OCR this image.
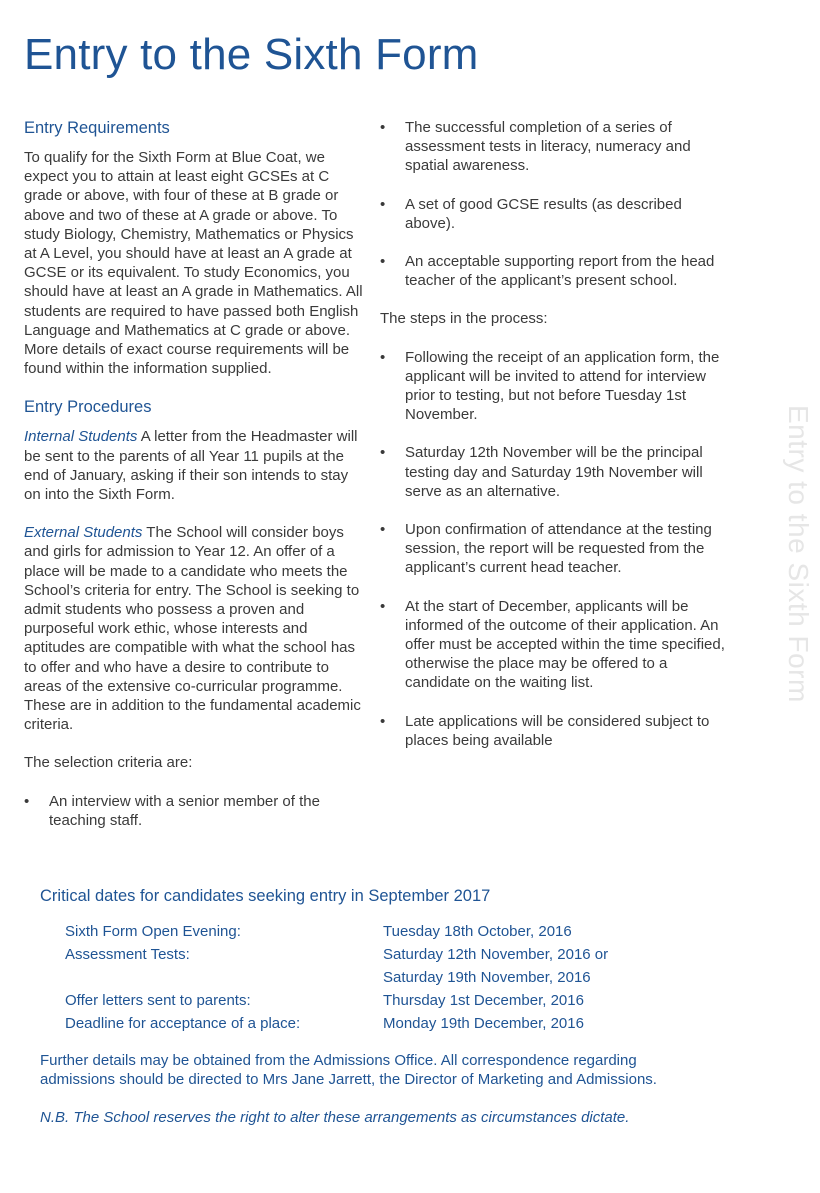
Entry to the Sixth Form
Entry to the Sixth Form
Entry Requirements

To qualify for the Sixth Form at Blue Coat, we expect you to attain at least eight GCSEs at C grade or above, with four of these at B grade or above and two of these at A grade or above. To study Biology, Chemistry, Mathematics or Physics at A Level, you should have at least an A grade at GCSE or its equivalent. To study Economics, you should have at least an A grade in Mathematics. All students are required to have passed both English Language and Mathematics at C grade or above. More details of exact course requirements will be found within the information supplied.

Entry Procedures

Internal Students A letter from the Headmaster will be sent to the parents of all Year 11 pupils at the end of January, asking if their son intends to stay on into the Sixth Form.

External Students The School will consider boys and girls for admission to Year 12. An offer of a place will be made to a candidate who meets the School’s criteria for entry. The School is seeking to admit students who possess a proven and purposeful work ethic, whose interests and aptitudes are compatible with what the school has to offer and who have a desire to contribute to areas of the extensive co-curricular programme. These are in addition to the fundamental academic criteria.

The selection criteria are:

• An interview with a senior member of the teaching staff.
• The successful completion of a series of assessment tests in literacy, numeracy and spatial awareness.
• A set of good GCSE results (as described above).
• An acceptable supporting report from the head teacher of the applicant’s present school.

The steps in the process:

• Following the receipt of an application form, the applicant will be invited to attend for interview prior to testing, but not before Tuesday 1st November.
• Saturday 12th November will be the principal testing day and Saturday 19th November will serve as an alternative.
• Upon confirmation of attendance at the testing session, the report will be requested from the applicant’s current head teacher.
• At the start of December, applicants will be informed of the outcome of their application. An offer must be accepted within the time specified, otherwise the place may be offered to a candidate on the waiting list.
• Late applications will be considered subject to places being available
Critical dates for candidates seeking entry in September 2017
Sixth Form Open Evening:	Tuesday 18th October, 2016
Assessment Tests:	Saturday 12th November, 2016 or
Saturday 19th November, 2016
Offer letters sent to parents:	Thursday 1st December, 2016
Deadline for acceptance of a place:	Monday 19th December, 2016
Further details may be obtained from the Admissions Office. All correspondence regarding admissions should be directed to Mrs Jane Jarrett, the Director of Marketing and Admissions.
N.B. The School reserves the right to alter these arrangements as circumstances dictate.
